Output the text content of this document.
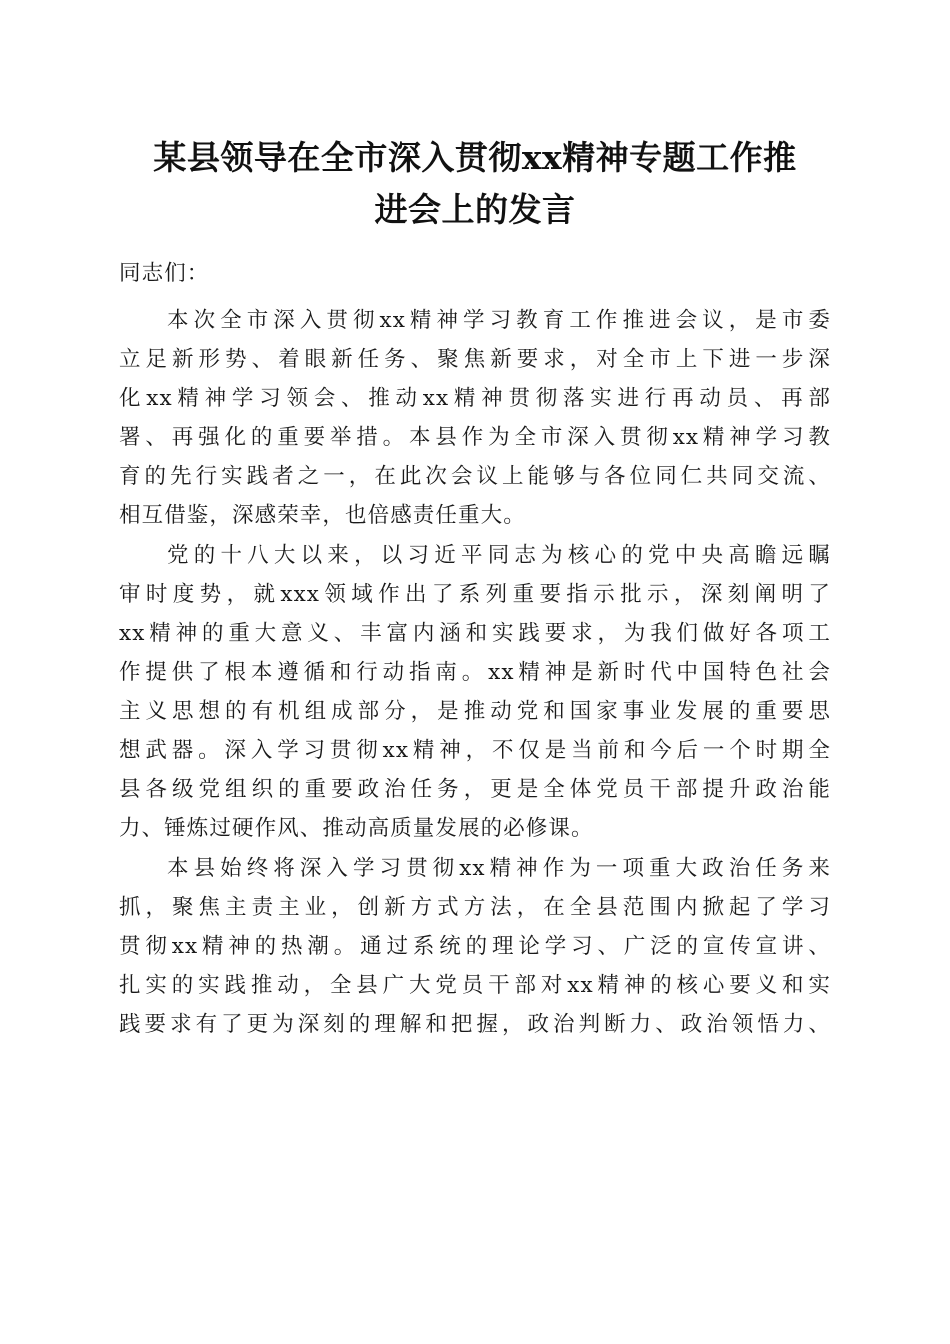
某县领导在全市深入贯彻xx精神专题工作推
进会上的发言
同志们：
本次全市深入贯彻xx精神学习教育工作推进会议，是市委
立足新形势、着眼新任务、聚焦新要求，对全市上下进一步深
化xx精神学习领会、推动xx精神贯彻落实进行再动员、再部
署、再强化的重要举措。本县作为全市深入贯彻xx精神学习教
育的先行实践者之一，在此次会议上能够与各位同仁共同交流、
相互借鉴，深感荣幸，也倍感责任重大。
党的十八大以来，以习近平同志为核心的党中央高瞻远瞩
审时度势，就xxx领域作出了系列重要指示批示，深刻阐明了
xx精神的重大意义、丰富内涵和实践要求，为我们做好各项工
作提供了根本遵循和行动指南。xx精神是新时代中国特色社会
主义思想的有机组成部分，是推动党和国家事业发展的重要思
想武器。深入学习贯彻xx精神，不仅是当前和今后一个时期全
县各级党组织的重要政治任务，更是全体党员干部提升政治能
力、锤炼过硬作风、推动高质量发展的必修课。
本县始终将深入学习贯彻xx精神作为一项重大政治任务来
抓，聚焦主责主业，创新方式方法，在全县范围内掀起了学习
贯彻xx精神的热潮。通过系统的理论学习、广泛的宣传宣讲、
扎实的实践推动，全县广大党员干部对xx精神的核心要义和实
践要求有了更为深刻的理解和把握，政治判断力、政治领悟力、
